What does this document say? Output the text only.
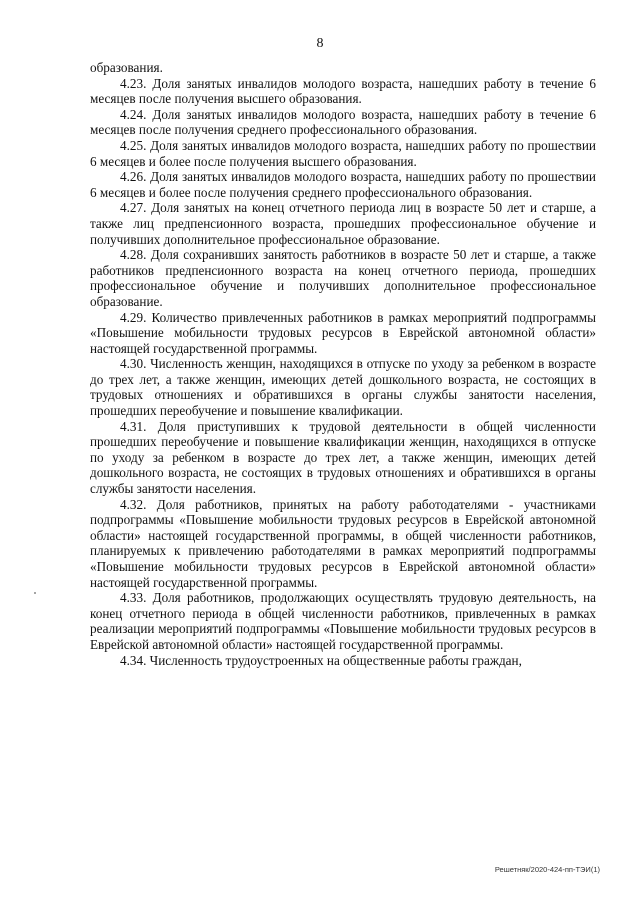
8

образования.

4.23. Доля занятых инвалидов молодого возраста, нашедших работу в течение 6 месяцев после получения высшего образования.

4.24. Доля занятых инвалидов молодого возраста, нашедших работу в течение 6 месяцев после получения среднего профессионального образования.

4.25. Доля занятых инвалидов молодого возраста, нашедших работу по прошествии 6 месяцев и более после получения высшего образования.

4.26. Доля занятых инвалидов молодого возраста, нашедших работу по прошествии 6 месяцев и более после получения среднего профессионального образования.

4.27. Доля занятых на конец отчетного периода лиц в возрасте 50 лет и старше, а также лиц предпенсионного возраста, прошедших профессиональное обучение и получивших дополнительное профессиональное образование.

4.28. Доля сохранивших занятость работников в возрасте 50 лет и старше, а также работников предпенсионного возраста на конец отчетного периода, прошедших профессиональное обучение и получивших дополнительное профессиональное образование.

4.29. Количество привлеченных работников в рамках мероприятий подпрограммы «Повышение мобильности трудовых ресурсов в Еврейской автономной области» настоящей государственной программы.

4.30. Численность женщин, находящихся в отпуске по уходу за ребенком в возрасте до трех лет, а также женщин, имеющих детей дошкольного возраста, не состоящих в трудовых отношениях и обратившихся в органы службы занятости населения, прошедших переобучение и повышение квалификации.

4.31. Доля приступивших к трудовой деятельности в общей численности прошедших переобучение и повышение квалификации женщин, находящихся в отпуске по уходу за ребенком в возрасте до трех лет, а также женщин, имеющих детей дошкольного возраста, не состоящих в трудовых отношениях и обратившихся в органы службы занятости населения.

4.32. Доля работников, принятых на работу работодателями - участниками подпрограммы «Повышение мобильности трудовых ресурсов в Еврейской автономной области» настоящей государственной программы, в общей численности работников, планируемых к привлечению работодателями в рамках мероприятий подпрограммы «Повышение мобильности трудовых ресурсов в Еврейской автономной области» настоящей государственной программы.

4.33. Доля работников, продолжающих осуществлять трудовую деятельность, на конец отчетного периода в общей численности работников, привлеченных в рамках реализации мероприятий подпрограммы «Повышение мобильности трудовых ресурсов в Еврейской автономной области» настоящей государственной программы.

4.34. Численность трудоустроенных на общественные работы граждан,

Решетняк/2020-424-пп-ТЭИ(1)
